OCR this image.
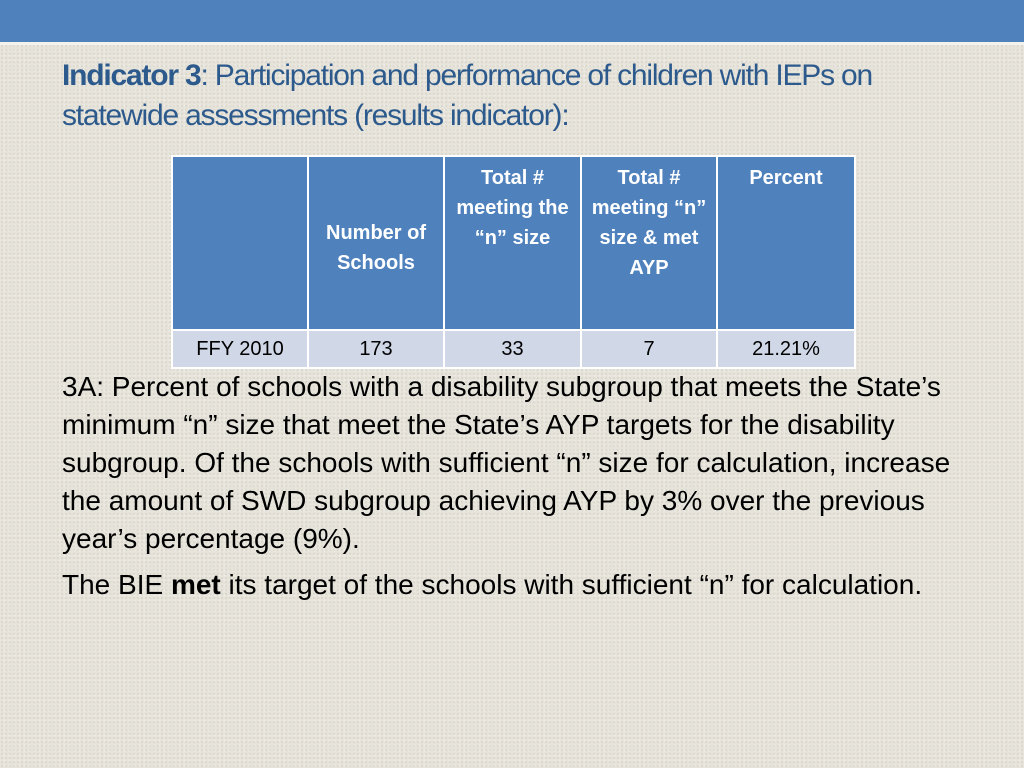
Indicator 3: Participation and performance of children with IEPs on statewide assessments (results indicator):
	Number of Schools	Total # meeting the “n” size	Total # meeting “n” size & met AYP	Percent
FFY 2010	173	33	7	21.21%

3A: Percent of schools with a disability subgroup that meets the State’s minimum “n” size that meet the State’s AYP targets for the disability subgroup. Of the schools with sufficient “n” size for calculation, increase the amount of SWD subgroup achieving AYP by 3% over the previous year’s percentage (9%).

The BIE met its target of the schools with sufficient “n” for calculation.
